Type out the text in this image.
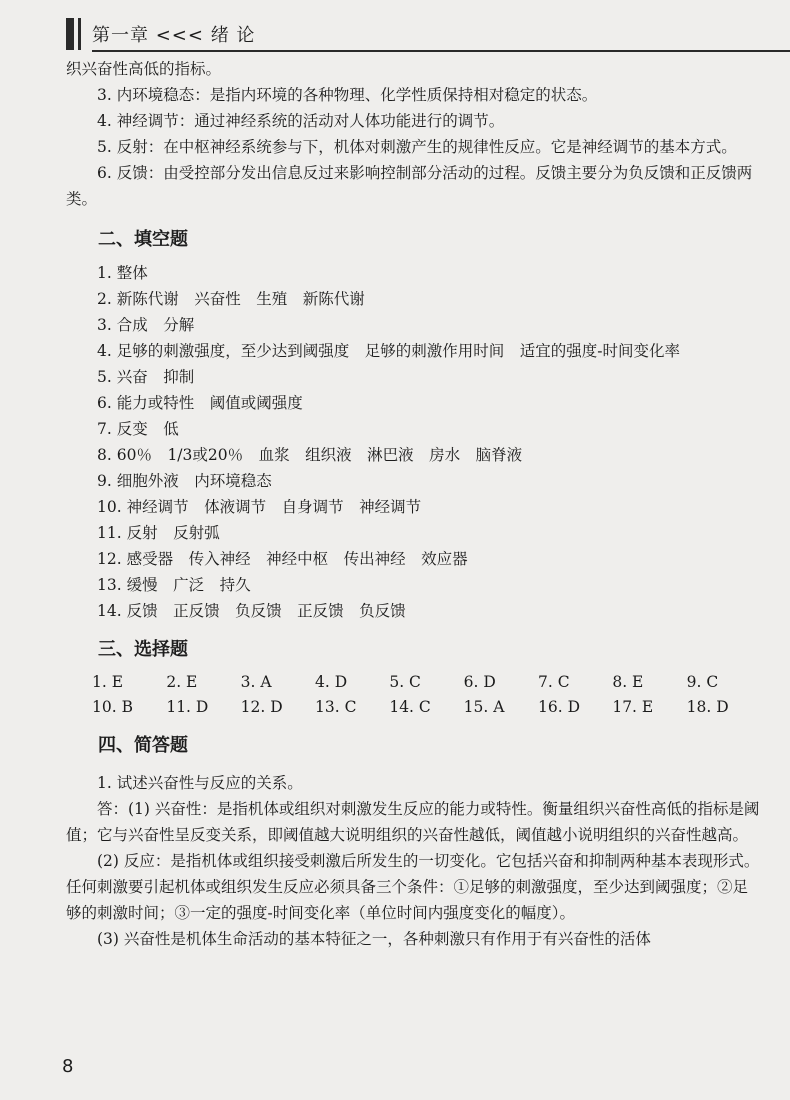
第一章 <<< 绪 论

织兴奋性高低的指标。

3. 内环境稳态：是指内环境的各种物理、化学性质保持相对稳定的状态。

4. 神经调节：通过神经系统的活动对人体功能进行的调节。

5. 反射：在中枢神经系统参与下，机体对刺激产生的规律性反应。它是神经调节的基本方式。

6. 反馈：由受控部分发出信息反过来影响控制部分活动的过程。反馈主要分为负反馈和正反馈两类。

二、填空题
1. 整体
2. 新陈代谢　兴奋性　生殖　新陈代谢
3. 合成　分解
4. 足够的刺激强度，至少达到阈强度　足够的刺激作用时间　适宜的强度-时间变化率
5. 兴奋　抑制
6. 能力或特性　阈值或阈强度
7. 反变　低
8. 60％　1/3或20％　血浆　组织液　淋巴液　房水　脑脊液
9. 细胞外液　内环境稳态
10. 神经调节　体液调节　自身调节　神经调节
11. 反射　反射弧
12. 感受器　传入神经　神经中枢　传出神经　效应器
13. 缓慢　广泛　持久
14. 反馈　正反馈　负反馈　正反馈　负反馈
三、选择题
1. E	2. E	3. A	4. D	5. C	6. D	7. C	8. E	9. C
10. B	11. D	12. D	13. C	14. C	15. A	16. D	17. E	18. D
四、简答题

1. 试述兴奋性与反应的关系。

答：(1) 兴奋性：是指机体或组织对刺激发生反应的能力或特性。衡量组织兴奋性高低的指标是阈值；它与兴奋性呈反变关系，即阈值越大说明组织的兴奋性越低，阈值越小说明组织的兴奋性越高。

(2) 反应：是指机体或组织接受刺激后所发生的一切变化。它包括兴奋和抑制两种基本表现形式。任何刺激要引起机体或组织发生反应必须具备三个条件：①足够的刺激强度，至少达到阈强度；②足够的刺激时间；③一定的强度-时间变化率（单位时间内强度变化的幅度）。

(3) 兴奋性是机体生命活动的基本特征之一，各种刺激只有作用于有兴奋性的活体

8
